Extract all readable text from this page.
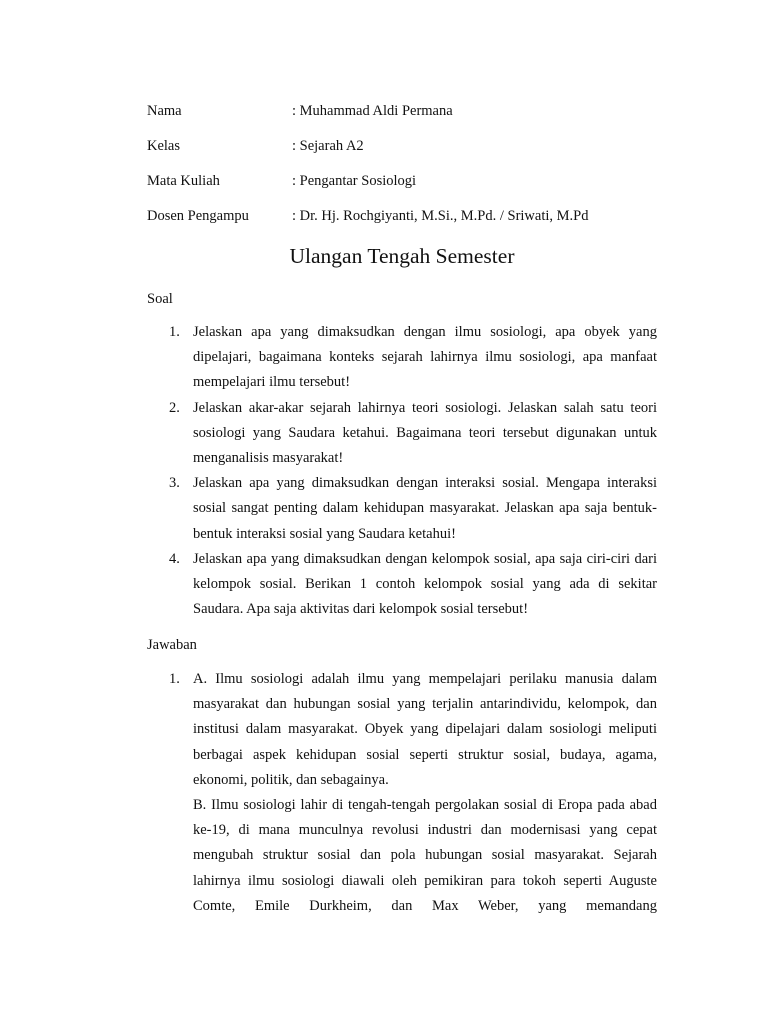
Nama	: Muhammad Aldi Permana
Kelas	: Sejarah A2
Mata Kuliah	: Pengantar Sosiologi
Dosen Pengampu	: Dr. Hj. Rochgiyanti, M.Si., M.Pd. / Sriwati, M.Pd
Ulangan Tengah Semester
Soal
1. Jelaskan apa yang dimaksudkan dengan ilmu sosiologi, apa obyek yang dipelajari, bagaimana konteks sejarah lahirnya ilmu sosiologi, apa manfaat mempelajari ilmu tersebut!
2. Jelaskan akar-akar sejarah lahirnya teori sosiologi. Jelaskan salah satu teori sosiologi yang Saudara ketahui. Bagaimana teori tersebut digunakan untuk menganalisis masyarakat!
3. Jelaskan apa yang dimaksudkan dengan interaksi sosial. Mengapa interaksi sosial sangat penting dalam kehidupan masyarakat. Jelaskan apa saja bentuk-bentuk interaksi sosial yang Saudara ketahui!
4. Jelaskan apa yang dimaksudkan dengan kelompok sosial, apa saja ciri-ciri dari kelompok sosial. Berikan 1 contoh kelompok sosial yang ada di sekitar Saudara. Apa saja aktivitas dari kelompok sosial tersebut!
Jawaban
1. A. Ilmu sosiologi adalah ilmu yang mempelajari perilaku manusia dalam masyarakat dan hubungan sosial yang terjalin antarindividu, kelompok, dan institusi dalam masyarakat. Obyek yang dipelajari dalam sosiologi meliputi berbagai aspek kehidupan sosial seperti struktur sosial, budaya, agama, ekonomi, politik, dan sebagainya.
B. Ilmu sosiologi lahir di tengah-tengah pergolakan sosial di Eropa pada abad ke-19, di mana munculnya revolusi industri dan modernisasi yang cepat mengubah struktur sosial dan pola hubungan sosial masyarakat. Sejarah lahirnya ilmu sosiologi diawali oleh pemikiran para tokoh seperti Auguste Comte, Emile Durkheim, dan Max Weber, yang memandang
